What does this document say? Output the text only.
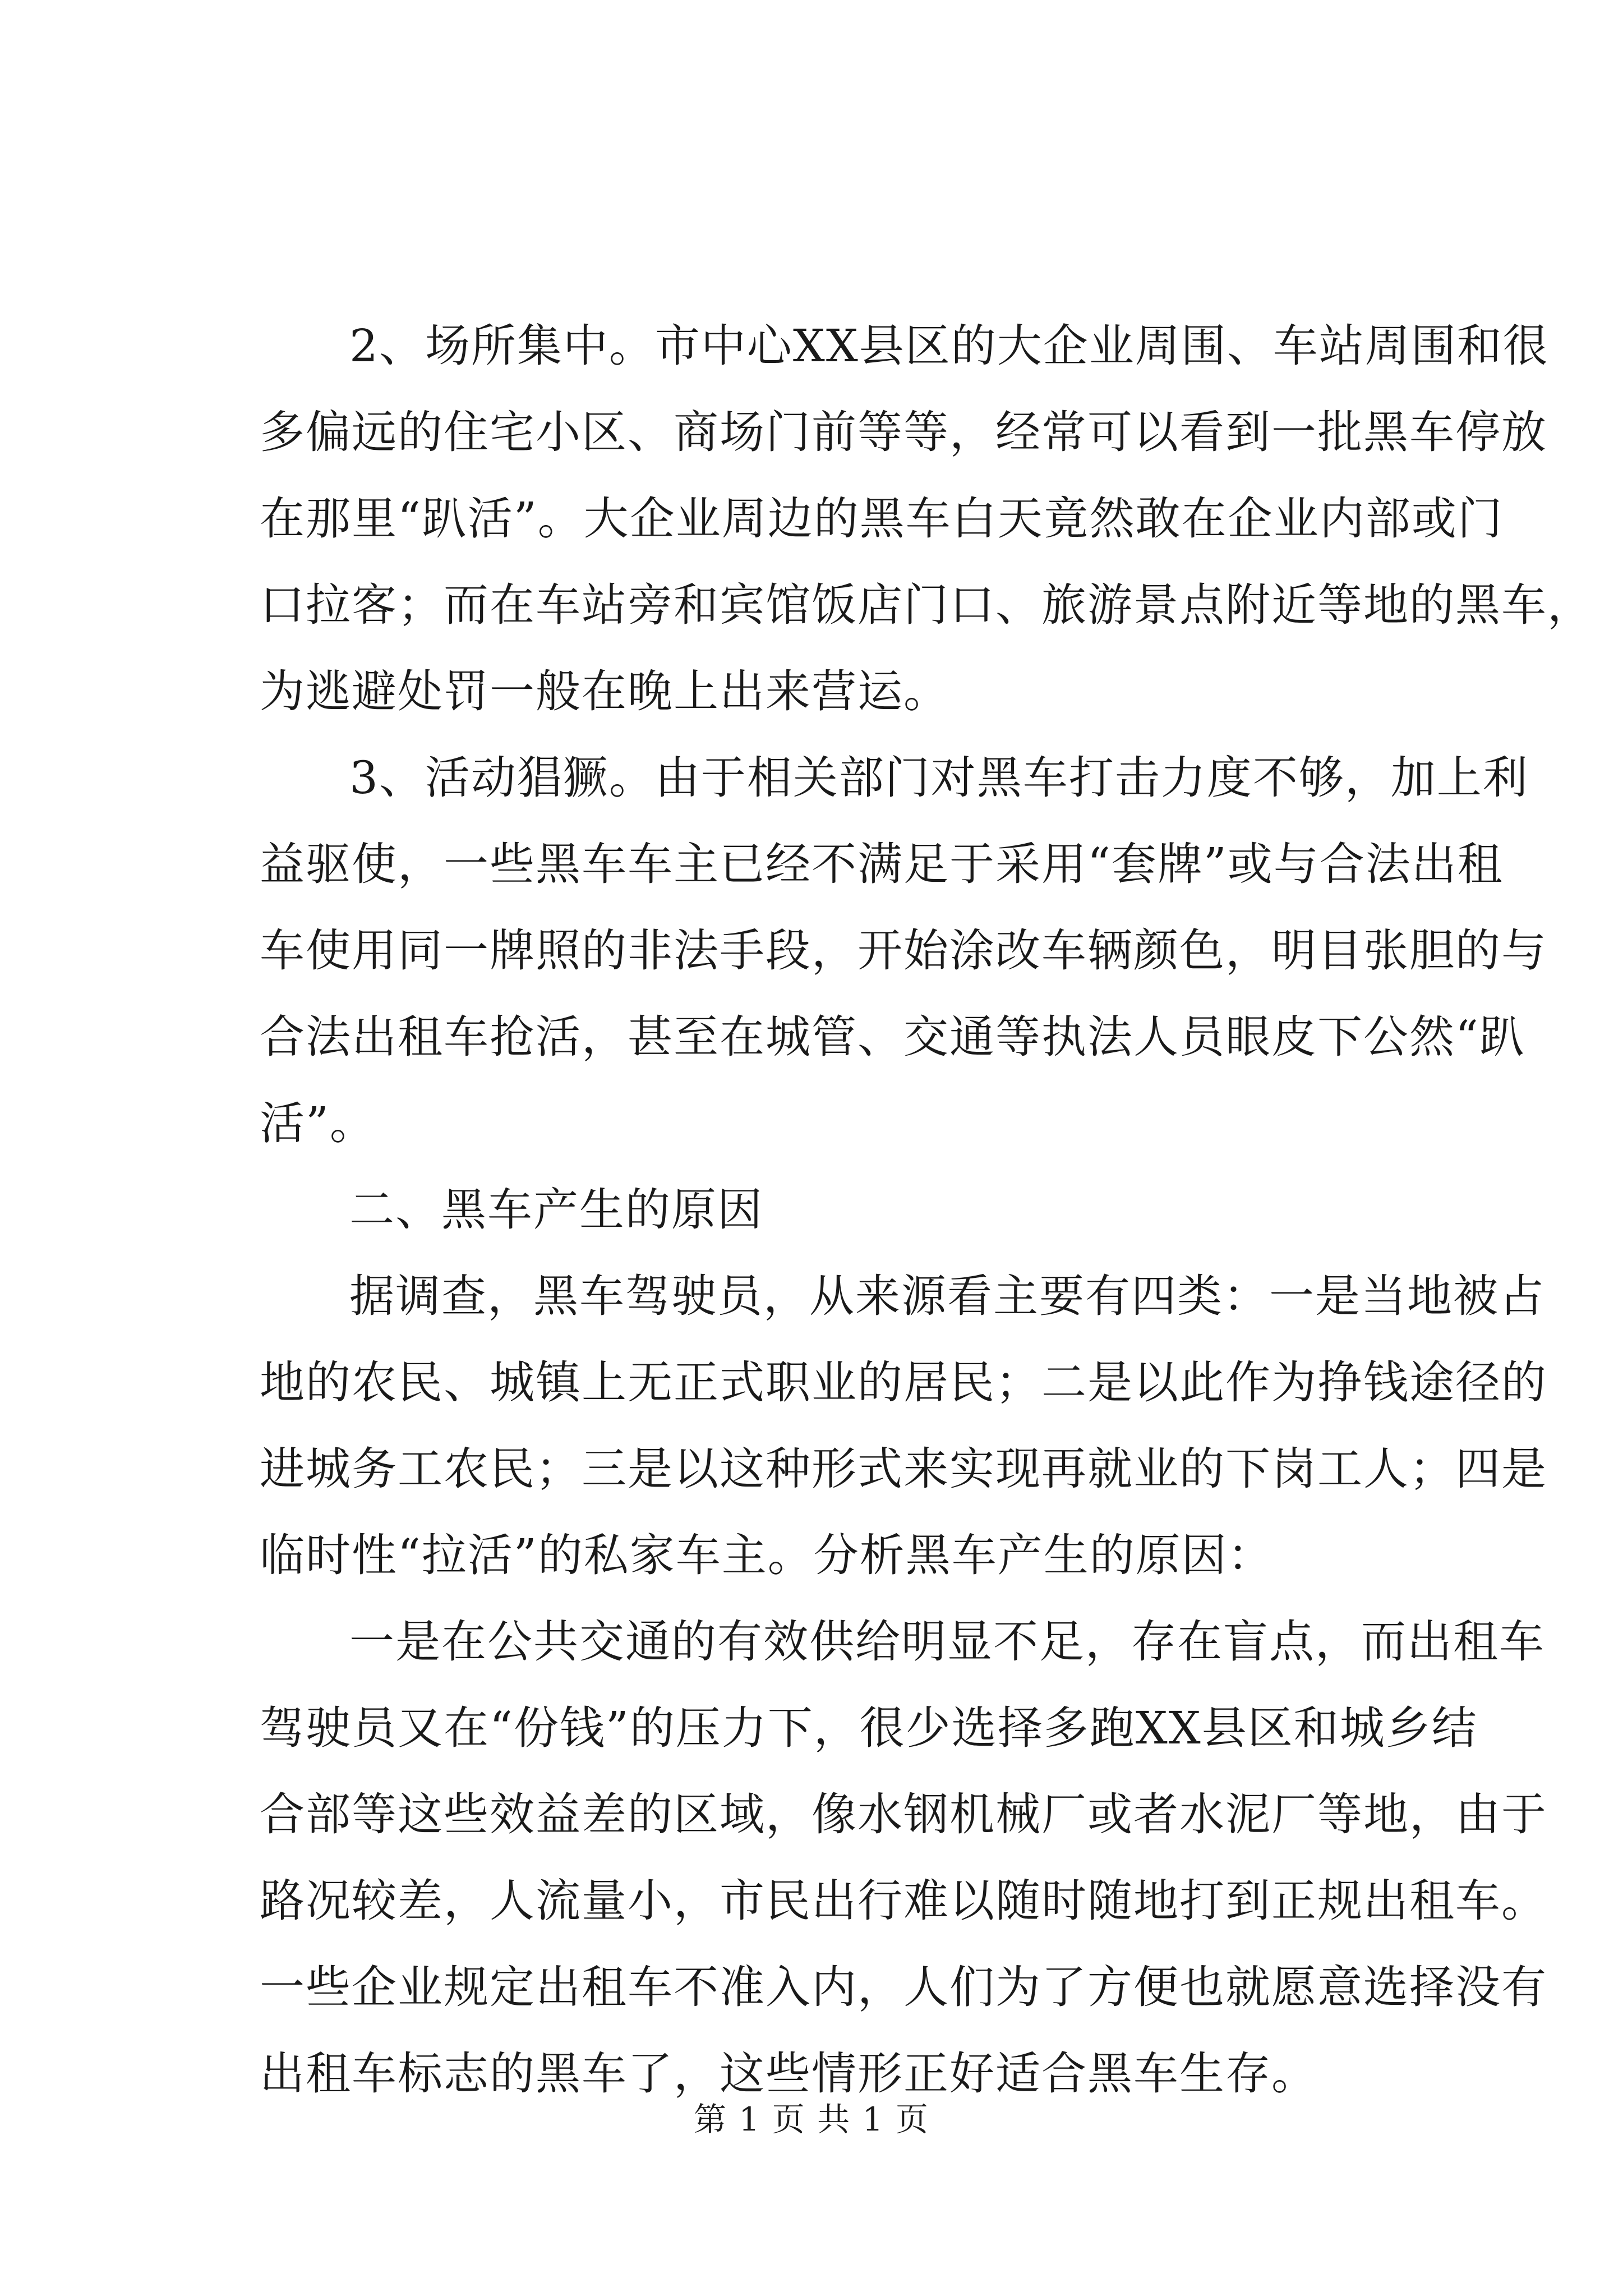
2、场所集中。市中心XX县区的大企业周围、车站周围和很
多偏远的住宅小区、商场门前等等，经常可以看到一批黑车停放
在那里“趴活”。大企业周边的黑车白天竟然敢在企业内部或门
口拉客；而在车站旁和宾馆饭店门口、旅游景点附近等地的黑车，
为逃避处罚一般在晚上出来营运。
3、活动猖獗。由于相关部门对黑车打击力度不够，加上利
益驱使，一些黑车车主已经不满足于采用“套牌”或与合法出租
车使用同一牌照的非法手段，开始涂改车辆颜色，明目张胆的与
合法出租车抢活，甚至在城管、交通等执法人员眼皮下公然“趴
活”。
二、黑车产生的原因
据调查，黑车驾驶员，从来源看主要有四类：一是当地被占
地的农民、城镇上无正式职业的居民；二是以此作为挣钱途径的
进城务工农民；三是以这种形式来实现再就业的下岗工人；四是
临时性“拉活”的私家车主。分析黑车产生的原因：
一是在公共交通的有效供给明显不足，存在盲点，而出租车
驾驶员又在“份钱”的压力下，很少选择多跑XX县区和城乡结
合部等这些效益差的区域，像水钢机械厂或者水泥厂等地，由于
路况较差，人流量小，市民出行难以随时随地打到正规出租车。
一些企业规定出租车不准入内，人们为了方便也就愿意选择没有
出租车标志的黑车了，这些情形正好适合黑车生存。
第 1 页 共 1 页
